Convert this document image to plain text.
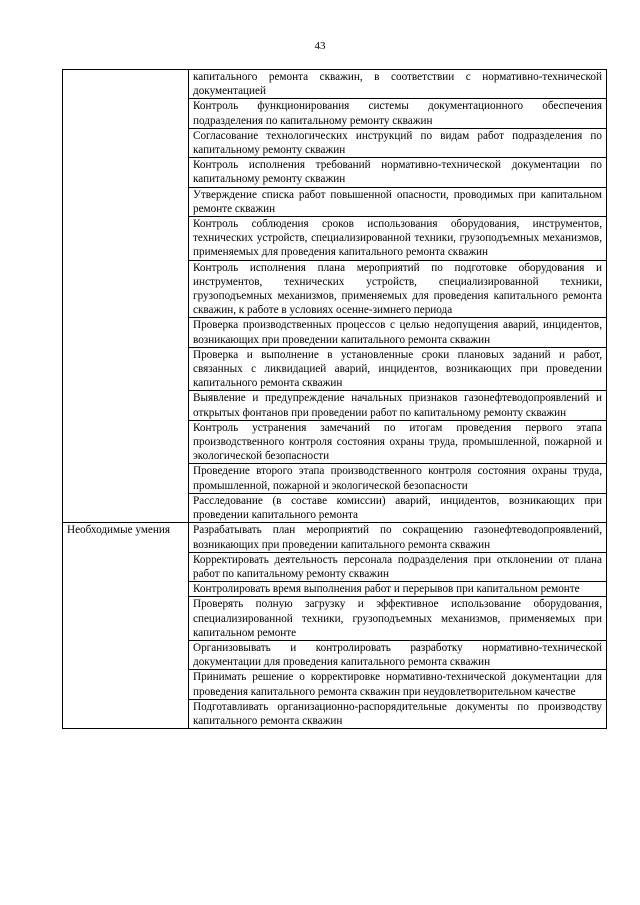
43
	капитального ремонта скважин, в соответствии с нормативно-технической документацией
	Контроль функционирования системы документационного обеспечения подразделения по капитальному ремонту скважин
	Согласование технологических инструкций по видам работ подразделения по капитальному ремонту скважин
	Контроль исполнения требований нормативно-технической документации по капитальному ремонту скважин
	Утверждение списка работ повышенной опасности, проводимых при капитальном ремонте скважин
	Контроль соблюдения сроков использования оборудования, инструментов, технических устройств, специализированной техники, грузоподъемных механизмов, применяемых для проведения капитального ремонта скважин
	Контроль исполнения плана мероприятий по подготовке оборудования и инструментов, технических устройств, специализированной техники, грузоподъемных механизмов, применяемых для проведения капитального ремонта скважин, к работе в условиях осенне-зимнего периода
	Проверка производственных процессов с целью недопущения аварий, инцидентов, возникающих при проведении капитального ремонта скважин
	Проверка и выполнение в установленные сроки плановых заданий и работ, связанных с ликвидацией аварий, инцидентов, возникающих при проведении капитального ремонта скважин
	Выявление и предупреждение начальных признаков газонефтеводопроявлений и открытых фонтанов при проведении работ по капитальному ремонту скважин
	Контроль устранения замечаний по итогам проведения первого этапа производственного контроля состояния охраны труда, промышленной, пожарной и экологической безопасности
	Проведение второго этапа производственного контроля состояния охраны труда, промышленной, пожарной и экологической безопасности
	Расследование (в составе комиссии) аварий, инцидентов, возникающих при проведении капитального ремонта
Необходимые умения	Разрабатывать план мероприятий по сокращению газонефтеводопроявлений, возникающих при проведении капитального ремонта скважин
	Корректировать деятельность персонала подразделения при отклонении от плана работ по капитальному ремонту скважин
	Контролировать время выполнения работ и перерывов при капитальном ремонте
	Проверять полную загрузку и эффективное использование оборудования, специализированной техники, грузоподъемных механизмов, применяемых при капитальном ремонте
	Организовывать и контролировать разработку нормативно-технической документации для проведения капитального ремонта скважин
	Принимать решение о корректировке нормативно-технической документации для проведения капитального ремонта скважин при неудовлетворительном качестве
	Подготавливать организационно-распорядительные документы по производству капитального ремонта скважин
